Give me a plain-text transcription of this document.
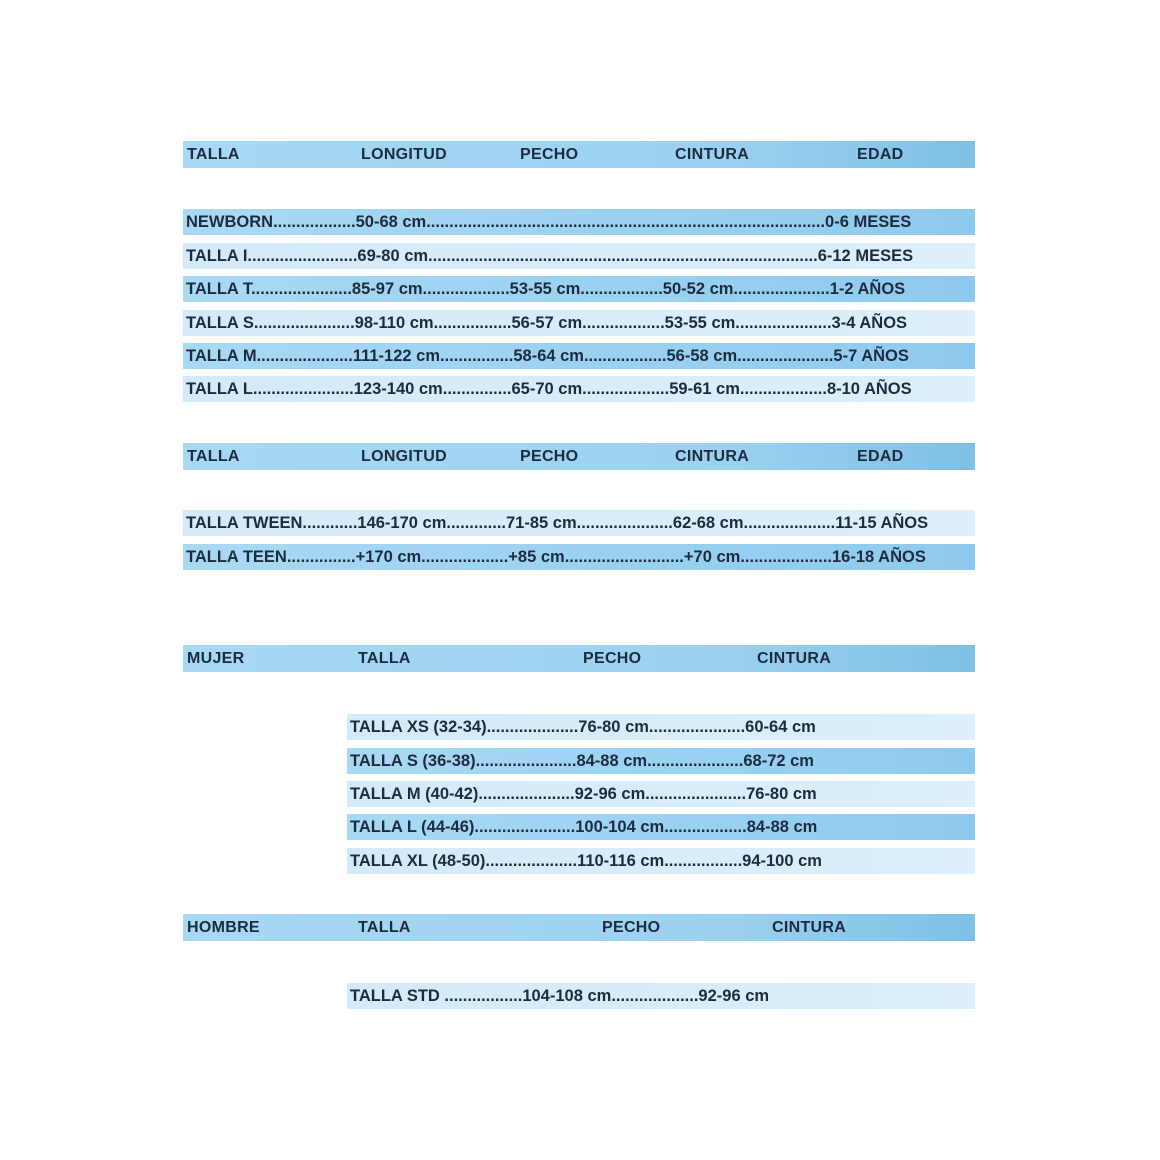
TALLA	LONGITUD	PECHO	CINTURA	EDAD
NEWBORN..................50-68 cm.......................................................................................0-6 MESES
TALLA I........................69-80 cm.....................................................................................6-12 MESES
TALLA T......................85-97 cm...................53-55 cm..................50-52 cm.....................1-2 AÑOS
TALLA S......................98-110 cm.................56-57 cm..................53-55 cm.....................3-4 AÑOS
TALLA M.....................111-122 cm................58-64 cm..................56-58 cm.....................5-7 AÑOS
TALLA L......................123-140 cm...............65-70 cm...................59-61 cm...................8-10 AÑOS
TALLA	LONGITUD	PECHO	CINTURA	EDAD
TALLA TWEEN............146-170 cm.............71-85 cm.....................62-68 cm....................11-15 AÑOS
TALLA TEEN...............+170 cm...................+85 cm..........................+70 cm....................16-18 AÑOS
MUJER	TALLA	PECHO	CINTURA
TALLA XS (32-34)....................76-80 cm.....................60-64 cm
TALLA S (36-38)......................84-88 cm.....................68-72 cm
TALLA M (40-42).....................92-96 cm......................76-80 cm
TALLA L (44-46)......................100-104 cm..................84-88 cm
TALLA XL (48-50)....................110-116 cm.................94-100 cm
HOMBRE	TALLA	PECHO	CINTURA
TALLA STD .................104-108 cm...................92-96 cm
